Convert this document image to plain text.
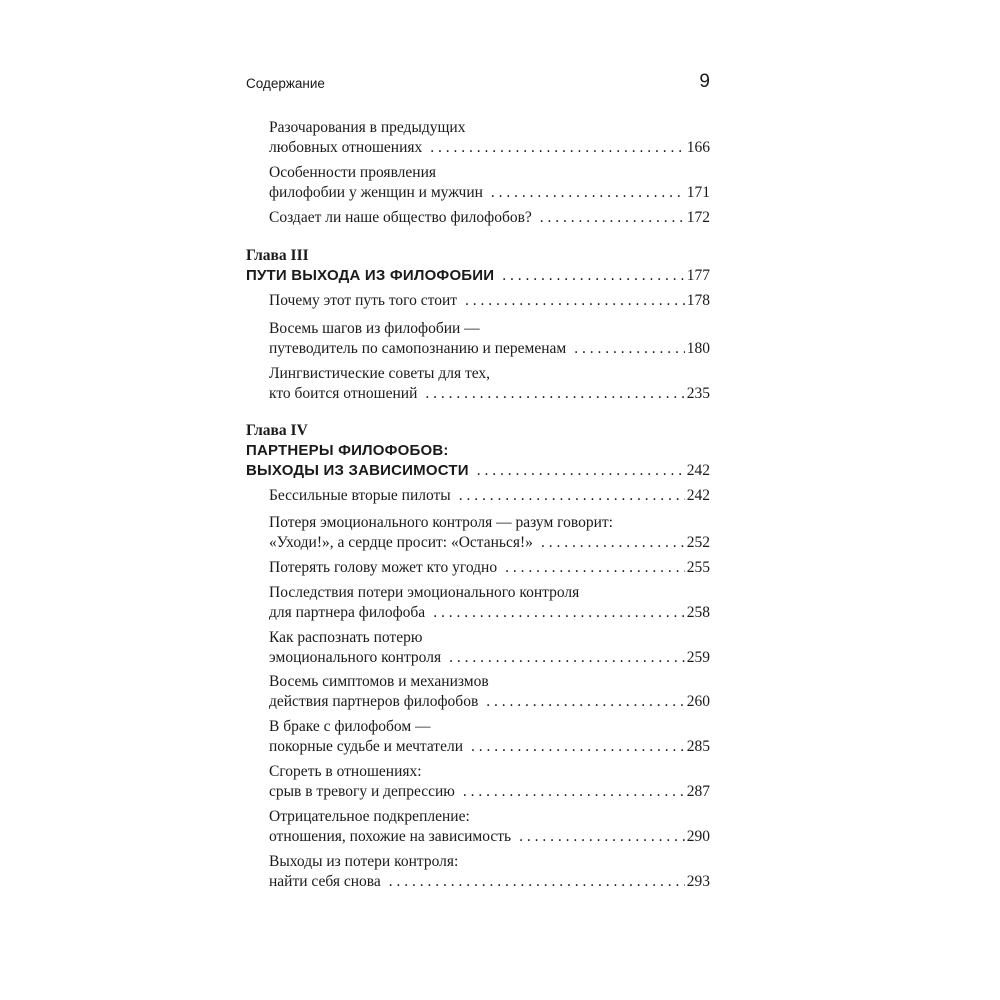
Содержание	9
Разочарования в предыдущих
любовных отношениях . . .	166
Особенности проявления
филофобии у женщин и мужчин . . .	171
Создает ли наше общество филофобов? . . .	172
Глава III
ПУТИ ВЫХОДА ИЗ ФИЛОФОБИИ . . .	177
Почему этот путь того стоит . . .	178
Восемь шагов из филофобии —
путеводитель по самопознанию и переменам . . .	180
Лингвистические советы для тех,
кто боится отношений . . .	235
Глава IV
ПАРТНЕРЫ ФИЛОФОБОВ:
ВЫХОДЫ ИЗ ЗАВИСИМОСТИ . . .	242
Бессильные вторые пилоты . . .	242
Потеря эмоционального контроля — разум говорит:
«Уходи!», а сердце просит: «Останься!» . . .	252
Потерять голову может кто угодно . . .	255
Последствия потери эмоционального контроля
для партнера филофоба . . .	258
Как распознать потерю
эмоционального контроля . . .	259
Восемь симптомов и механизмов
действия партнеров филофобов . . .	260
В браке с филофобом —
покорные судьбе и мечтатели . . .	285
Сгореть в отношениях:
срыв в тревогу и депрессию . . .	287
Отрицательное подкрепление:
отношения, похожие на зависимость . . .	290
Выходы из потери контроля:
найти себя снова . . .	293
